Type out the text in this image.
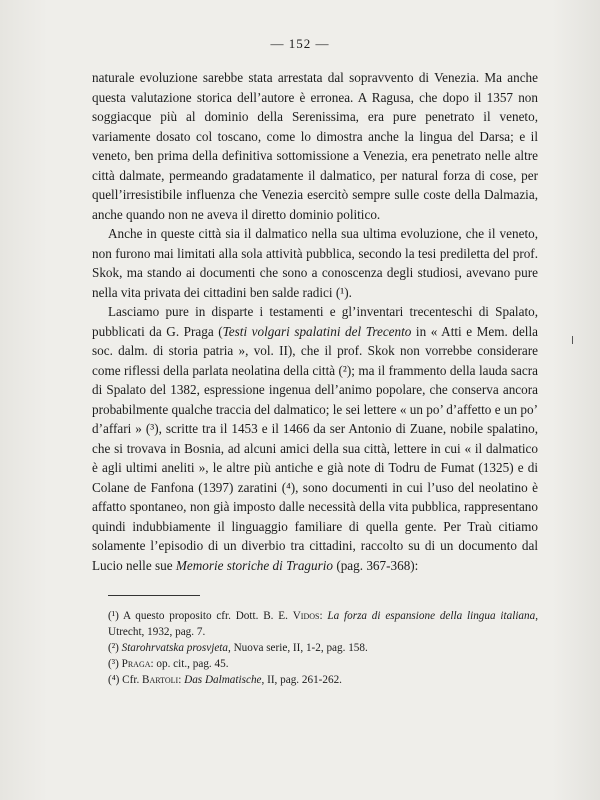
— 152 —

naturale evoluzione sarebbe stata arrestata dal sopravvento di Venezia. Ma anche questa valutazione storica dell’autore è erronea. A Ragusa, che dopo il 1357 non soggiacque più al dominio della Serenissima, era pure penetrato il veneto, variamente dosato col toscano, come lo dimostra anche la lingua del Darsa; e il veneto, ben prima della definitiva sottomissione a Venezia, era penetrato nelle altre città dalmate, permeando gradatamente il dalmatico, per natural forza di cose, per quell’irresistibile influenza che Venezia esercitò sempre sulle coste della Dalmazia, anche quando non ne aveva il diretto dominio politico.

Anche in queste città sia il dalmatico nella sua ultima evoluzione, che il veneto, non furono mai limitati alla sola attività pubblica, secondo la tesi prediletta del prof. Skok, ma stando ai documenti che sono a conoscenza degli studiosi, avevano pure nella vita privata dei cittadini ben salde radici (¹).

Lasciamo pure in disparte i testamenti e gl’inventari trecenteschi di Spalato, pubblicati da G. Praga (Testi volgari spalatini del Trecento in « Atti e Mem. della soc. dalm. di storia patria », vol. II), che il prof. Skok non vorrebbe considerare come riflessi della parlata neolatina della città (²); ma il frammento della lauda sacra di Spalato del 1382, espressione ingenua dell’animo popolare, che conserva ancora probabilmente qualche traccia del dalmatico; le sei lettere « un po’ d’affetto e un po’ d’affari » (³), scritte tra il 1453 e il 1466 da ser Antonio di Zuane, nobile spalatino, che si trovava in Bosnia, ad alcuni amici della sua città, lettere in cui « il dalmatico è agli ultimi aneliti », le altre più antiche e già note di Todru de Fumat (1325) e di Colane de Fanfona (1397) zaratini (⁴), sono documenti in cui l’uso del neolatino è affatto spontaneo, non già imposto dalle necessità della vita pubblica, rappresentano quindi indubbiamente il linguaggio familiare di quella gente. Per Traù citiamo solamente l’episodio di un diverbio tra cittadini, raccolto su di un documento dal Lucio nelle sue Memorie storiche di Tragurio (pag. 367-368):

(¹) A questo proposito cfr. Dott. B. E. Vidos: La forza di espansione della lingua italiana, Utrecht, 1932, pag. 7.

(²) Starohrvatska prosvjeta, Nuova serie, II, 1-2, pag. 158.

(³) Praga: op. cit., pag. 45.

(⁴) Cfr. Bartoli: Das Dalmatische, II, pag. 261-262.
